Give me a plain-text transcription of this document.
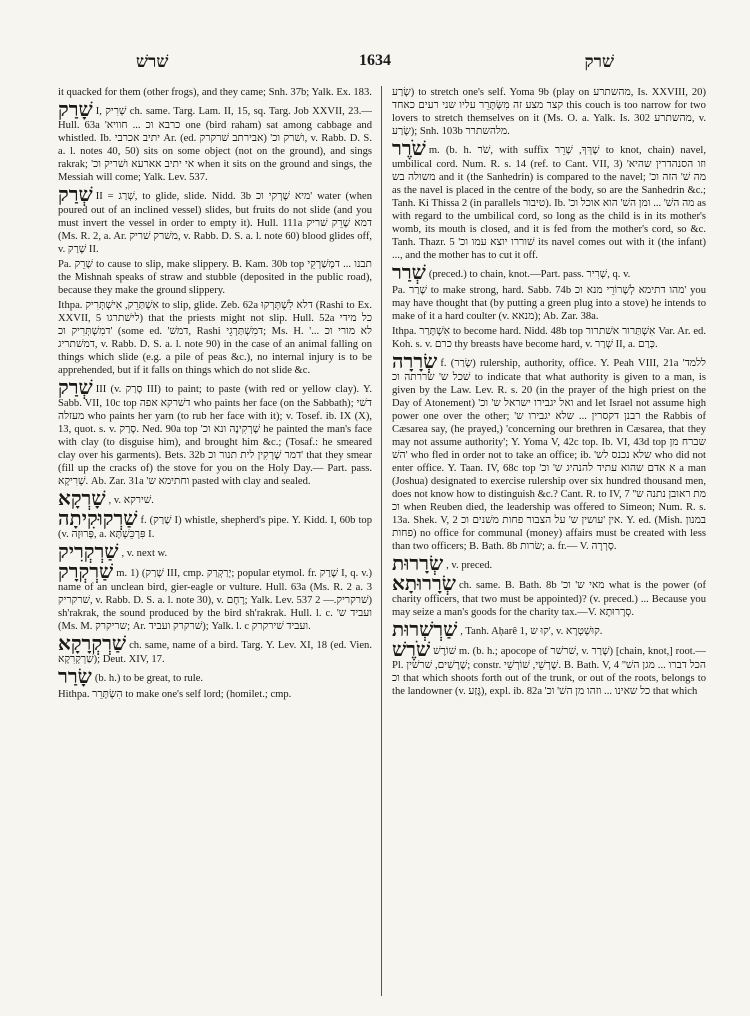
שׁרשׁ	1634	שׁרק
it quacked for them (other frogs), and they came; Snh. 37b; Yalk. Ex. 183.
שָׁרַק I, שְׁרִיק ch. same. Targ. Lam. II, 15, sq. Targ. Job XXVII, 23.— Hull. 63a 'כרבא וכ ... חוויא one (bird raham) sat among cabbage and whistled. Ib. יתיב אכרבי Ar. (ed. אבירתב שׁרקרק) 'ושׁרק וכ, v. Rabb. D. S. a. l. notes 40, 50) sits on some object (not on the ground), and sings rakrak; 'אי יתיב אארעא ושׁריק וכ when it sits on the ground and sings, the Messiah will come; Yalk. Lev. 537.
שְׁרַק II = שְׁרַג, to glide, slide. Nidd. 3b מיא שָׁרְקי וכ' water (when poured out of an inclined vessel) slides, but fruits do not slide (and you must invert the vessel in order to empty it). Hull. 111a דמא שָׁרֵק שׁריק (Ms. R. 2, a. Ar. משׁרק שׁריק, v. Rabb. D. S. a. l. note 60) blood glides off, v. שָׁרַק II.
Pa. שָׁרֵק to cause to slip, make slippery. B. Kam. 30b top תבנו ... דמְשַׁרְקֵי the Mishnah speaks of straw and stubble (deposited in the public road), because they make the ground slippery.
Ithpa. אִשְׁתַּרֵק, אִישְׁתְּרִיק to slip, glide. Zeb. 62a דלא לִשְׁתְּרְקוּ (Rashi to Ex. XXVII, 5 לישׁתרגו) that the priests might not slip. Hull. 52a כל מידי דמִשְׁתְּרִיק וכ' (some ed. 'דמשׁ, Rashi דמִשְׁתַּרְגֵי; Ms. H. 'לא מורי וכ ... דמשׁתריג, v. Rabb. D. S. a. l. note 90) in the case of an animal falling on things which slide (e.g. a pile of peas &c.), no internal injury is to be apprehended, but if it falls on things which do not slide &c.
שְׁרַק III (v. סָרַק III) to paint; to paste (with red or yellow clay). Y. Sabb. VII, 10c top דשׁרקא אפה who paints her face (on the Sabbath); דשׁי מעזלה who paints her yarn (to rub her face with it); v. Tosef. ib. IX (X), 13, quot. s. v. סָרַק. Ned. 90a top 'שָׁרְקִינָה ונא וכ he painted the man's face with clay (to disguise him), and brought him &c.; (Tosaf.: he smeared clay over his garments). Bets. 32b דמר שָׁרְקִין לית תנור וכ' that they smear (fill up the cracks of) the stove for you on the Holy Day.— Part. pass. שְׁרִיקָא. Ab. Zar. 31a 'וחתימא ש pasted with clay and sealed.
שָׁרְקָא , v. שׁירקא.
שַׁרְקוּקִיתָה f. (שָׁרַק I) whistle, shepherd's pipe. Y. Kidd. I, 60b top (v. פְּרוּזָה, a. פִּרְכֵּשְׁתָּא I.
שַׁרְקְרִיק , v. next w.
שַׁרְקְרָק m. 1) (שָׁרַק III, cmp. יְרַקְרַק; popular etymol. fr. שָׁרַק I, q. v.) name of an unclean bird, gier-eagle or vulture. Hull. 63a (Ms. R. 2 a. 3 שׁרקריק, v. Rabb. D. S. a. l. note 30), v. רָחָם; Yalk. Lev. 537 שׁרקריק.— 2) sh'rakrak, the sound produced by the bird sh'rakrak. Hull. l. c. 'ועביד ש (Ms. M. שריקרק; Ar. שׁרקרק ועביד); Yalk. l. c ועביד שׁירקרק.
שַׁרְקְרָקָא ch. same, name of a bird. Targ. Y. Lev. XI, 18 (ed. Vien. שַׁרְקְרִקָא); Deut. XIV, 17.
שָׂרַר (b. h.) to be great, to rule.
Hithpa. הִשְׂתָּרֵר to make one's self lord; (homilet.; cmp.
שָׂרַע) to stretch one's self. Yoma 9b (play on מהשתרע, Is. XXVIII, 20) קצר מצע זה מִשְּׂתָּרֵר עליו שני רעים כאחד this couch is too narrow for two lovers to stretch themselves on it (Ms. O. a. Yalk. Is. 302 מהשתרע, v. שָׂרַע); Snh. 103b מלהשתרר.
שֹׁרֶר m. (b. h. שֹׁר, with suffix שָׁרְּךָ, שָׁרֵר to knot, chain) navel, umbilical cord. Num. R. s. 14 (ref. to Cant. VII, 3) 'וזו הסנהדרין שהיא משולה בש and it (the Sanhedrin) is compared to the navel; 'מה שׁ' הזה וכ as the navel is placed in the centre of the body, so are the Sanhedrin &c.; Tanh. Ki Thissa 2 (in parallels טיבור). Ib. 'מה השׁ' ... ומן השׁ' הוא אוכל וכ as with regard to the umbilical cord, so long as the child is in its mother's womb, its mouth is closed, and it is fed from the mother's cord, so &c. Tanh. Thazr. 5 'שׁוררו יוצא עמו וכ its navel comes out with it (the infant) ..., and the mother has to cut it off.
שְׁרַר (preced.) to chain, knot.—Part. pass. שְׁרִיר, q. v.
Pa. שָׁרַר to make strong, hard. Sabb. 74b מהו דתימא לְשָׁרוֹרֵי מנא וכ' you may have thought that (by putting a green plug into a stove) he intends to make of it a hard coulter (v. מנאא); Ab. Zar. 38a.
Ithpa. אִשְׁתָּרַר to become hard. Nidd. 48b top אִשְׁתַּרור אשׁתרור Var. Ar. ed. Koh. s. v. כרם thy breasts have become hard, v. שְׁרַר II, a. כְּרַם.
שְׂרָרָה f. (שָׂרַר) rulership, authority, office. Y. Peah VIII, 21a 'ללמד שׁכל ש' שׂררתה וכ to indicate that what authority is given to a man, is given by the Law. Lev. R. s. 20 (in the prayer of the high priest on the Day of Atonement) 'ואל יגבירו ישראל ש' וכ and let Israel not assume high power one over the other; 'רבנן דקסרין ... שלא יגבירו ש the Rabbis of Cæsarea say, (he prayed,) 'concerning our brethren in Cæsarea, that they may not assume authority'; Y. Yoma V, 42c top. Ib. VI, 43d top שברח מן השׁ' who fled in order not to take an office; ib. 'שלא נכנס לש who did not enter office. Y. Taan. IV, 68c top 'א אדם שהוא עתיד להנהיג ש' וכ a man (Joshua) designated to exercise rulership over six hundred thousand men, does not know how to distinguish &c.? Cant. R. to IV, 7 'מת ראובן נתנה ש' וכ when Reuben died, the leadership was offered to Simeon; Num. R. s. 13a. Shek. V, 2 אין 'עושין ש' על הצבור פחות משׁנים וכ. Y. ed. (Mish. במנון פחות) no office for communal (money) affairs must be created with less than two officers; B. Bath. 8b שׂרות; a. fr.— V. סָרְרָה.
שְׂרָרוּת , v. preced.
שְׂרָרוּתָא ch. same. B. Bath. 8b 'מאי ש' וכ what is the power (of charity officers, that two must be appointed)? (v. preced.) ... Because you may seize a man's goods for the charity tax.—V. סְרָרוּתָא.
שַׁרְשְׁרוּת , Tanh. Aḥarê 1, קוּ ש', v. קוּשְׁטְרָא.
שֹׁרֶשׁ שׁוֹרֶשׁ m. (b. h.; apocope of שׁרשׁר, v. שָׁרַר) [chain, knot,] root.—Pl. שָׁרָשִׁים, שׁרשׁין; constr. שָׁרְשֵׁי, שׁוֹרְשֵׁי. B. Bath. V, 4 'הכל דברו ... מגן השׁ' וכ that which shoots forth out of the trunk, or out of the roots, belongs to the landowner (v. גֶּזַע), expl. ib. 82a 'כל שאינו ... וזהו מן השׁ' וכ that which
